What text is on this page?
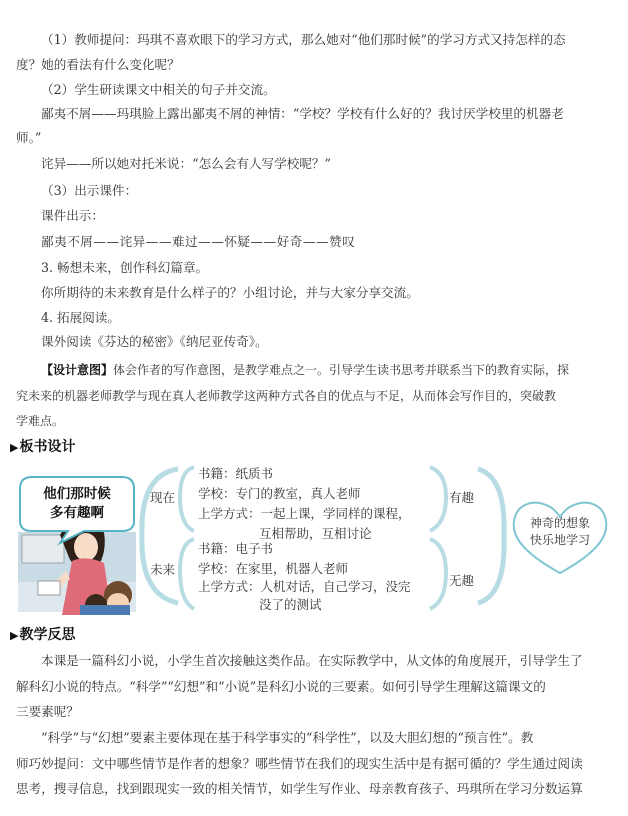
（1）教师提问：玛琪不喜欢眼下的学习方式，那么她对“他们那时候”的学习方式又持怎样的态
度？她的看法有什么变化呢？
（2）学生研读课文中相关的句子并交流。
鄙夷不屑——玛琪脸上露出鄙夷不屑的神情：“学校？学校有什么好的？我讨厌学校里的机器老
师。”
诧异——所以她对托米说：“怎么会有人写学校呢？”
（3）出示课件：
课件出示：
鄙夷不屑——诧异——难过——怀疑——好奇——赞叹
3. 畅想未来，创作科幻篇章。
你所期待的未来教育是什么样子的？小组讨论，并与大家分享交流。
4. 拓展阅读。
课外阅读《芬达的秘密》《纳尼亚传奇》。
【设计意图】体会作者的写作意图，是教学难点之一。引导学生读书思考并联系当下的教育实际，探
究未来的机器老师教学与现在真人老师教学这两种方式各自的优点与不足，从而体会写作目的，突破教
学难点。
▶板书设计
他们那时候
多有趣啊
现在
书籍：纸质书
学校：专门的教室，真人老师
上学方式：一起上课，学同样的课程，
互相帮助，互相讨论
有趣
未来
书籍：电子书
学校：在家里，机器人老师
上学方式：人机对话，自己学习，没完
没了的测试
无趣
神奇的想象
快乐地学习
▶教学反思
本课是一篇科幻小说，小学生首次接触这类作品。在实际教学中，从文体的角度展开，引导学生了
解科幻小说的特点。“科学”“幻想”和“小说”是科幻小说的三要素。如何引导学生理解这篇课文的
三要素呢？
“科学”与“幻想”要素主要体现在基于科学事实的“科学性”，以及大胆幻想的“预言性”。教
师巧妙提问：文中哪些情节是作者的想象？哪些情节在我们的现实生活中是有据可循的？学生通过阅读
思考，搜寻信息，找到跟现实一致的相关情节，如学生写作业、母亲教育孩子、玛琪所在学习分数运算
